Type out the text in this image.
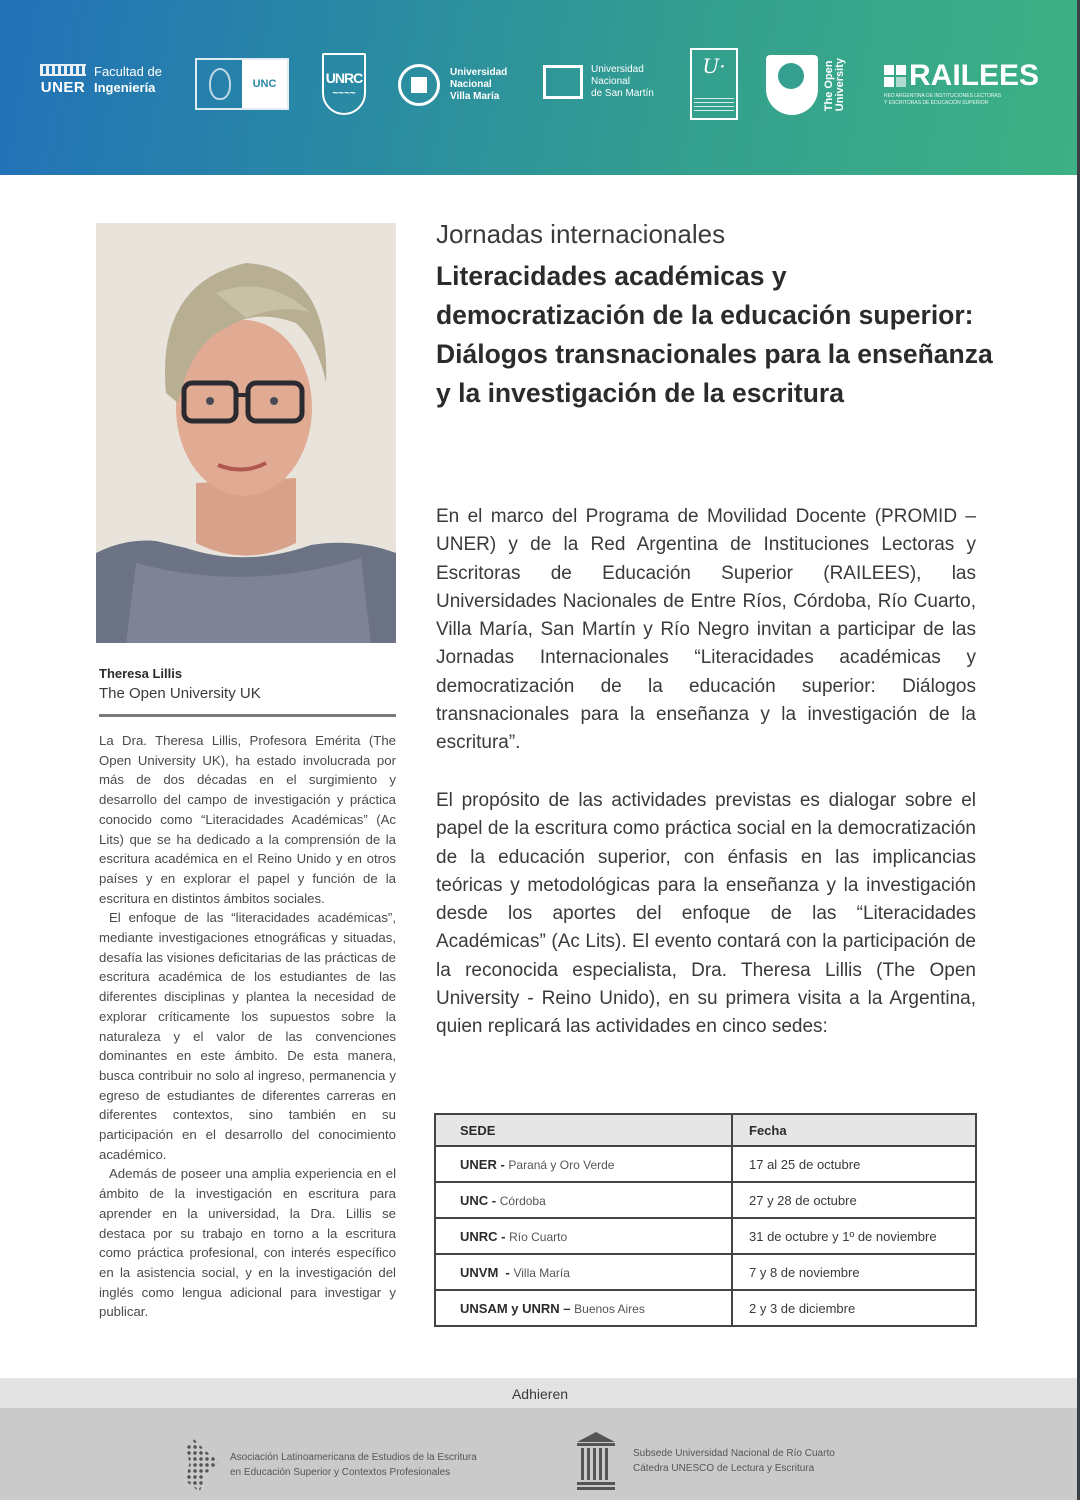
UNER
Facultad de
Ingeniería	UNC	UNRC
~~~~
Universidad
Nacional
Villa María
Universidad
Nacional
de San Martín
U·	The Open University RAILEES
RED ARGENTINA DE INSTITUCIONES LECTORAS
Y ESCRITORAS DE EDUCACIÓN SUPERIOR
Theresa Lillis
The Open University UK

La Dra. Theresa Lillis, Profesora Emérita (The Open University UK), ha estado involucrada por más de dos décadas en el surgimiento y desarrollo del campo de investigación y práctica conocido como “Literacidades Académicas” (Ac Lits) que se ha dedicado a la comprensión de la escritura académica en el Reino Unido y en otros países y en explorar el papel y función de la escritura en distintos ámbitos sociales.

El enfoque de las “literacidades académicas”, mediante investigaciones etnográficas y situadas, desafía las visiones deficitarias de las prácticas de escritura académica de los estudiantes de las diferentes disciplinas y plantea la necesidad de explorar críticamente los supuestos sobre la naturaleza y el valor de las convenciones dominantes en este ámbito. De esta manera, busca contribuir no solo al ingreso, permanencia y egreso de estudiantes de diferentes carreras en diferentes contextos, sino también en su participación en el desarrollo del conocimiento académico.

Además de poseer una amplia experiencia en el ámbito de la investigación en escritura para aprender en la universidad, la Dra. Lillis se destaca por su trabajo en torno a la escritura como práctica profesional, con interés específico en la asistencia social, y en la investigación del inglés como lengua adicional para investigar y publicar.

Jornadas internacionales
Literacidades académicas y democratización de la educación superior: Diálogos transnacionales para la enseñanza y la investigación de la escritura

En el marco del Programa de Movilidad Docente (PROMID – UNER) y de la Red Argentina de Instituciones Lectoras y Escritoras de Educación Superior (RAILEES), las Universidades Nacionales de Entre Ríos, Córdoba, Río Cuarto, Villa María, San Martín y Río Negro invitan a participar de las Jornadas Internacionales “Literacidades académicas y democratización de la educación superior: Diálogos transnacionales para la enseñanza y la investigación de la escritura”.

El propósito de las actividades previstas es dialogar sobre el papel de la escritura como práctica social en la democratización de la educación superior, con énfasis en las implicancias teóricas y metodológicas para la enseñanza y la investigación desde los aportes del enfoque de las “Literacidades Académicas” (Ac Lits). El evento contará con la participación de la reconocida especialista, Dra. Theresa Lillis (The Open University - Reino Unido), en su primera visita a la Argentina, quien replicará las actividades en cinco sedes:

SEDE	Fecha
UNER - Paraná y Oro Verde	17 al 25 de octubre
UNC - Córdoba	27 y 28 de octubre
UNRC - Río Cuarto	31 de octubre y 1º de noviembre
UNVM  - Villa María	7 y 8 de noviembre
UNSAM y UNRN – Buenos Aires	2 y 3 de diciembre
Adhieren
Asociación Latinoamericana de Estudios de la Escritura
en Educación Superior y Contextos Profesionales
Subsede Universidad Nacional de Río Cuarto
Cátedra UNESCO de Lectura y Escritura
